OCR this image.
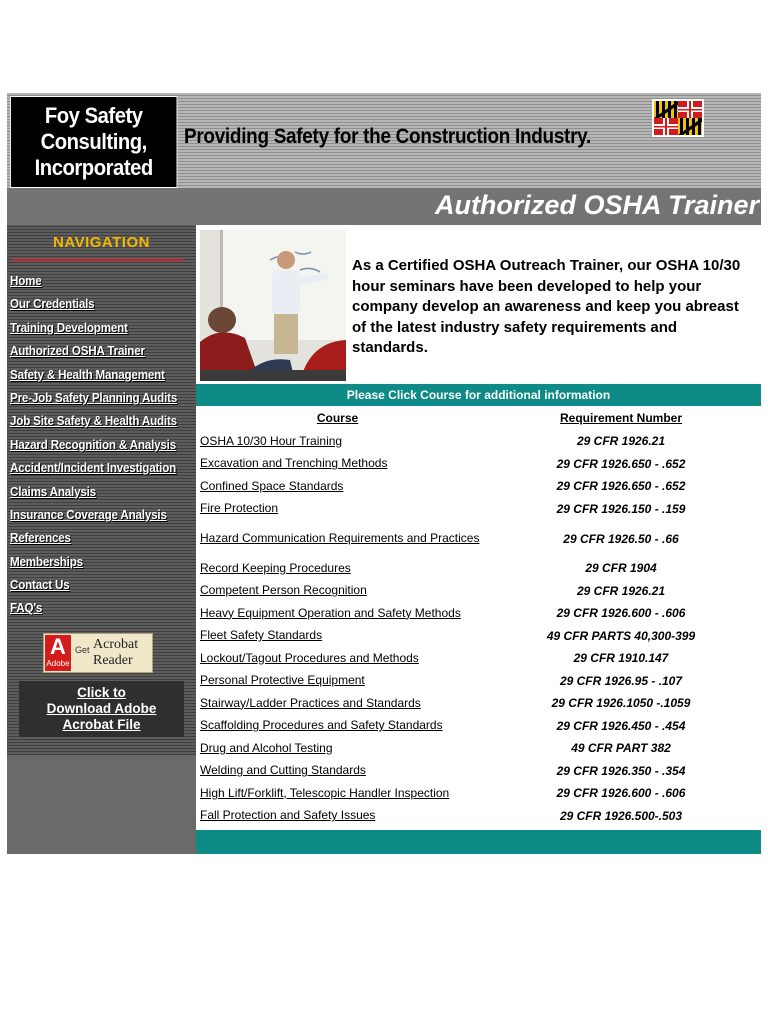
Foy Safety
Consulting,
Incorporated
Providing Safety for the Construction Industry.
Authorized OSHA Trainer
NAVIGATION
Home
Our Credentials
Training Development
Authorized OSHA Trainer
Safety & Health Management
Pre-Job Safety Planning Audits
Job Site Safety & Health Audits
Hazard Recognition & Analysis
Accident/Incident Investigation
Claims Analysis
Insurance Coverage Analysis
References
Memberships
Contact Us
FAQ's
A
Adobe
Get Acrobat
Reader
Click to
Download Adobe
Acrobat File
As a Certified OSHA Outreach Trainer, our OSHA 10/30 hour seminars have been developed to help your company develop an awareness and keep you abreast of the latest industry safety requirements and standards.
Please Click Course for additional information
Course	Requirement Number
OSHA 10/30 Hour Training	29 CFR 1926.21
Excavation and Trenching Methods	29 CFR 1926.650 - .652
Confined Space Standards	29 CFR 1926.650 - .652
Fire Protection	29 CFR 1926.150 - .159
Hazard Communication Requirements and Practices	29 CFR 1926.50 - .66
Record Keeping Procedures	29 CFR 1904
Competent Person Recognition	29 CFR 1926.21
Heavy Equipment Operation and Safety Methods	29 CFR 1926.600 - .606
Fleet Safety Standards	49 CFR PARTS 40,300-399
Lockout/Tagout Procedures and Methods	29 CFR 1910.147
Personal Protective Equipment	29 CFR 1926.95 - .107
Stairway/Ladder Practices and Standards	29 CFR 1926.1050 -.1059
Scaffolding Procedures and Safety Standards	29 CFR 1926.450 - .454
Drug and Alcohol Testing	49 CFR PART 382
Welding and Cutting Standards	29 CFR 1926.350 - .354
High Lift/Forklift, Telescopic Handler Inspection	29 CFR 1926.600 - .606
Fall Protection and Safety Issues	29 CFR 1926.500-.503
